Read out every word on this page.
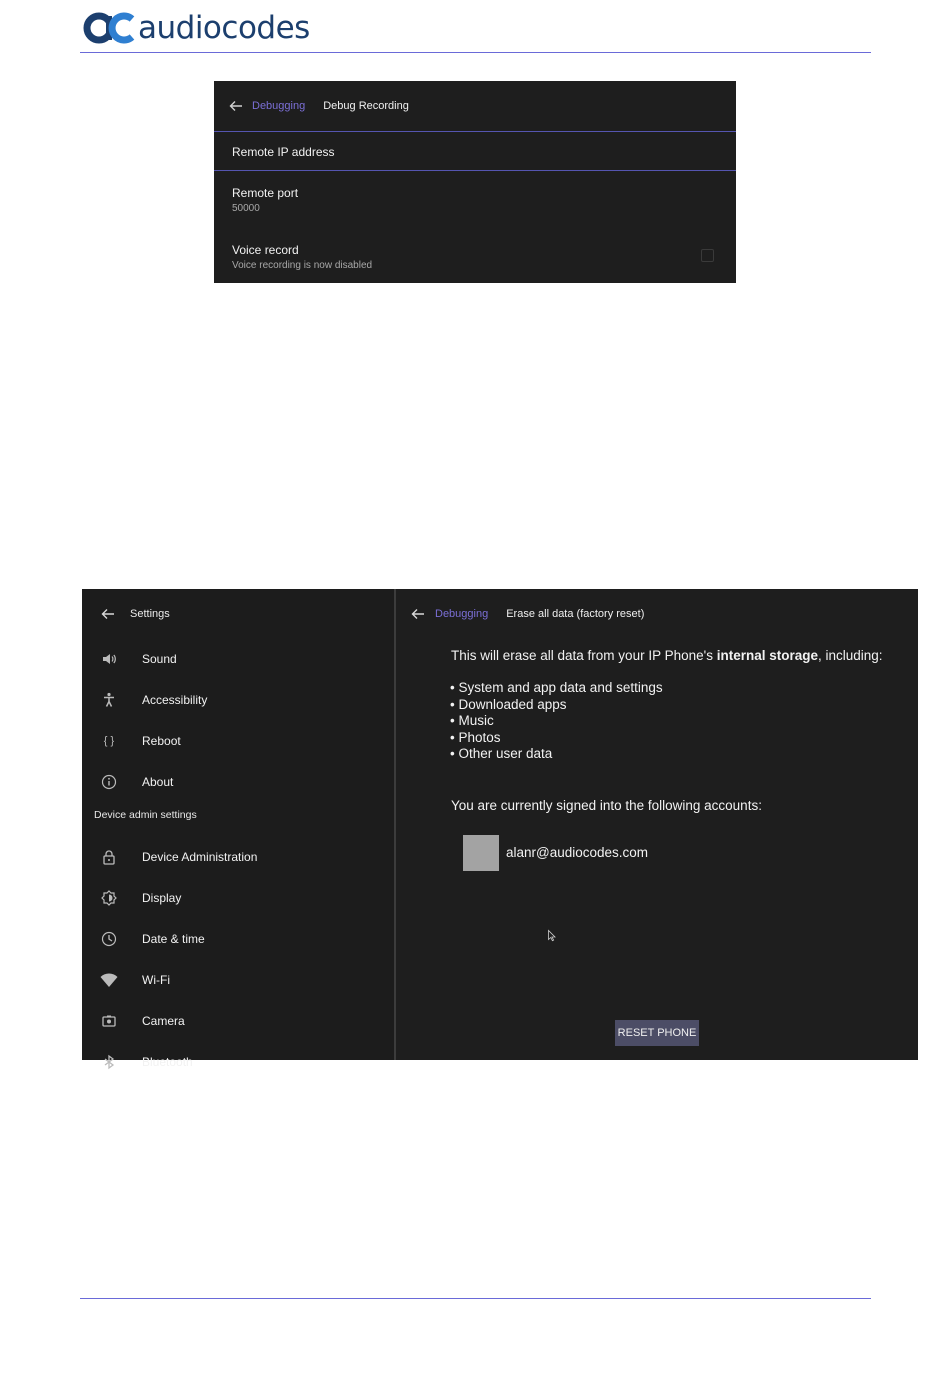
audiocodes
Debugging Debug Recording
Remote IP address
Remote port
50000
Voice record
Voice recording is now disabled
Settings
Sound
Accessibility
{ }	Reboot
About
Device admin settings
Device Administration
Display
Date & time
Wi-Fi
Camera
Bluetooth
Debugging Erase all data (factory reset)
This will erase all data from your IP Phone's internal storage, including:
• System and app data and settings
• Downloaded apps
• Music
• Photos
• Other user data
You are currently signed into the following accounts:
alanr@audiocodes.com
RESET PHONE
